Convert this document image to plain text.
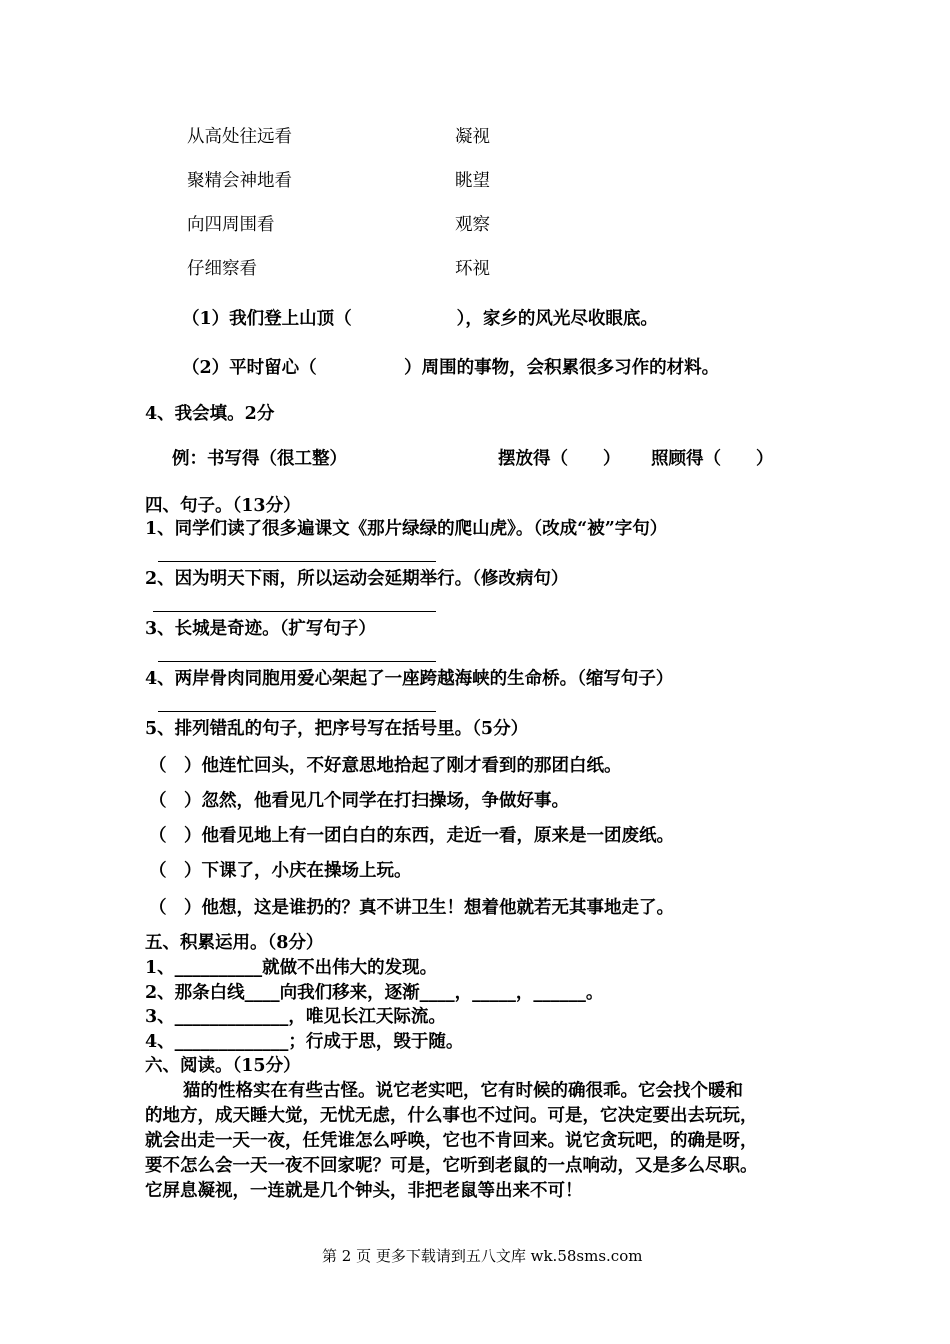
从高处往远看	凝视
聚精会神地看	眺望
向四周围看	观察
仔细察看	环视
（1）我们登上山顶（　　　　　　），家乡的风光尽收眼底。
（2）平时留心（　　　　　）周围的事物，会积累很多习作的材料。
4、我会填。2分
例：书写得（很工整）	摆放得（　　） 照顾得（　　）
四、句子。（13分）
1、同学们读了很多遍课文《那片绿绿的爬山虎》。（改成“被”字句）
2、因为明天下雨，所以运动会延期举行。（修改病句）
3、长城是奇迹。（扩写句子）
4、两岸骨肉同胞用爱心架起了一座跨越海峡的生命桥。（缩写句子）
5、排列错乱的句子，把序号写在括号里。（5分）
（　）他连忙回头，不好意思地拾起了刚才看到的那团白纸。
（　）忽然，他看见几个同学在打扫操场，争做好事。
（　）他看见地上有一团白白的东西，走近一看，原来是一团废纸。
（　）下课了，小庆在操场上玩。
（　）他想，这是谁扔的？真不讲卫生！想着他就若无其事地走了。
五、积累运用。（8分）
1、__________就做不出伟大的发现。
2、那条白线____向我们移来，逐渐____，_____，______。
3、_____________，唯见长江天际流。
4、_____________；行成于思，毁于随。
六、阅读。（15分）
猫的性格实在有些古怪。说它老实吧，它有时候的确很乖。它会找个暖和
的地方，成天睡大觉，无忧无虑，什么事也不过问。可是，它决定要出去玩玩，
就会出走一天一夜，任凭谁怎么呼唤，它也不肯回来。说它贪玩吧，的确是呀，
要不怎么会一天一夜不回家呢？可是，它听到老鼠的一点响动，又是多么尽职。
它屏息凝视，一连就是几个钟头，非把老鼠等出来不可！
第 2 页 更多下载请到五八文库 wk.58sms.com
